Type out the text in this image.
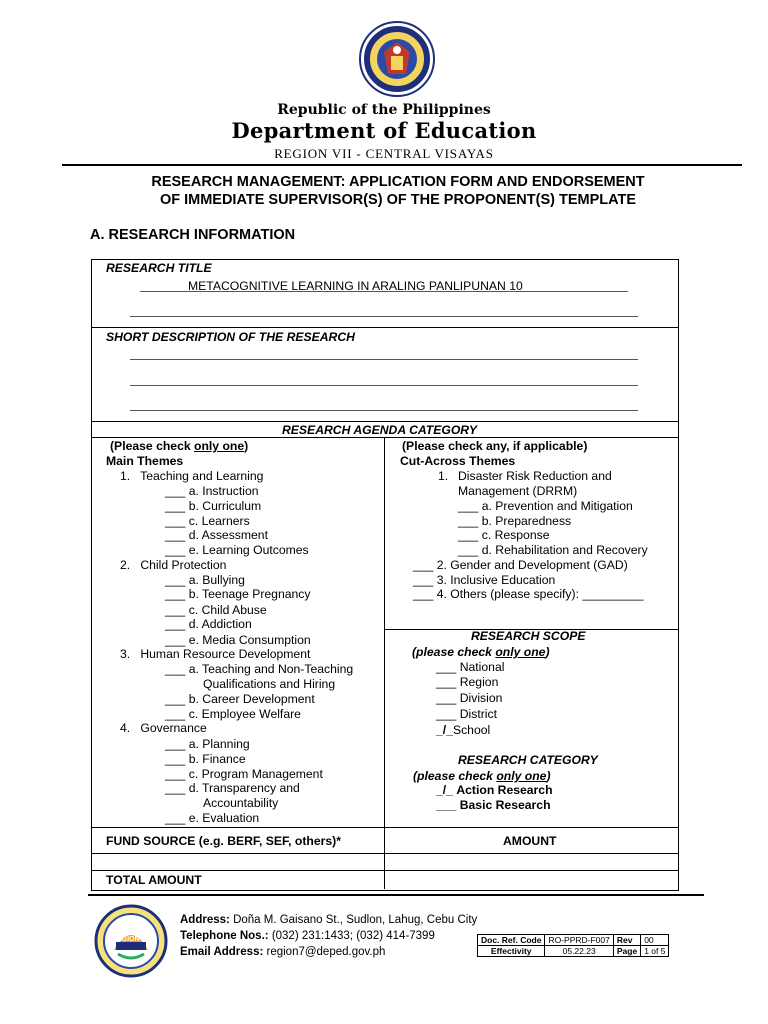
Republic of the Philippines
Department of Education
REGION VII - CENTRAL VISAYAS
RESEARCH MANAGEMENT: APPLICATION FORM AND ENDORSEMENT
OF IMMEDIATE SUPERVISOR(S) OF THE PROPONENT(S) TEMPLATE
A. RESEARCH INFORMATION
RESEARCH TITLE
METACOGNITIVE LEARNING IN ARALING PANLIPUNAN 10
SHORT DESCRIPTION OF THE RESEARCH
RESEARCH AGENDA CATEGORY
(Please check only one)
Main Themes
1. Teaching and Learning
___ a. Instruction
___ b. Curriculum
___ c. Learners
___ d. Assessment
___ e. Learning Outcomes
2. Child Protection
___ a. Bullying
___ b. Teenage Pregnancy
___ c. Child Abuse
___ d. Addiction
___ e. Media Consumption
3. Human Resource Development
___ a. Teaching and Non-Teaching
Qualifications and Hiring
___ b. Career Development
___ c. Employee Welfare
4. Governance
___ a. Planning
___ b. Finance
___ c. Program Management
___ d. Transparency and
Accountability
___ e. Evaluation
(Please check any, if applicable)
Cut-Across Themes
1. Disaster Risk Reduction and
Management (DRRM)
___ a. Prevention and Mitigation
___ b. Preparedness
___ c. Response
___ d. Rehabilitation and Recovery
___ 2. Gender and Development (GAD)
___ 3. Inclusive Education
___ 4. Others (please specify): _________
RESEARCH SCOPE
(please check only one)
___ National
___ Region
___ Division
___ District
_/_School
RESEARCH CATEGORY
(please check only one)
_/_ Action Research
___ Basic Research
FUND SOURCE (e.g. BERF, SEF, others)*	AMOUNT
TOTAL AMOUNT
REGION VII
Address: Doña M. Gaisano St., Sudlon, Lahug, Cebu City
Telephone Nos.: (032) 231:1433; (032) 414-7399
Email Address: region7@deped.gov.ph
Doc. Ref. Code	RO-PPRD-F007	Rev	00
Effectivity	05.22.23	Page	1 of 5
